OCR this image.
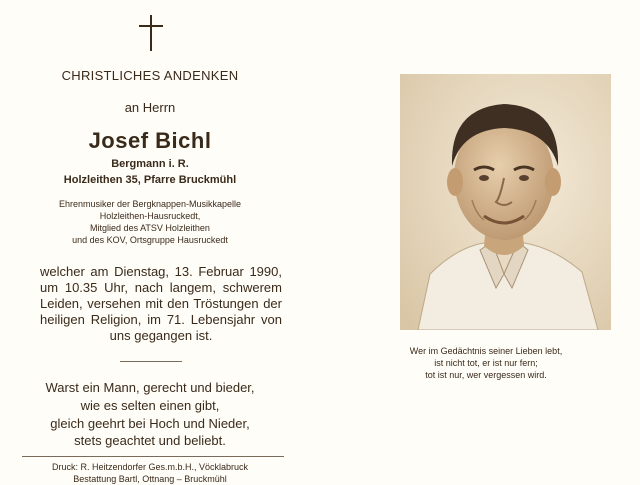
CHRISTLICHES ANDENKEN
an Herrn
Josef Bichl
Bergmann i. R.
Holzleithen 35, Pfarre Bruckmühl
Ehrenmusiker der Bergknappen-Musikkapelle
Holzleithen-Hausruckedt,
Mitglied des ATSV Holzleithen
und des KOV, Ortsgruppe Hausruckedt
welcher am Dienstag, 13. Februar 1990,
um 10.35 Uhr, nach langem, schwerem
Leiden, versehen mit den Tröstungen der
heiligen Religion, im 71. Lebensjahr von
uns gegangen ist.
Warst ein Mann, gerecht und bieder,
wie es selten einen gibt,
gleich geehrt bei Hoch und Nieder,
stets geachtet und beliebt.
Druck: R. Heitzendorfer Ges.m.b.H., Vöcklabruck
Bestattung Bartl, Ottnang – Bruckmühl
Wer im Gedächtnis seiner Lieben lebt,
ist nicht tot, er ist nur fern;
tot ist nur, wer vergessen wird.
